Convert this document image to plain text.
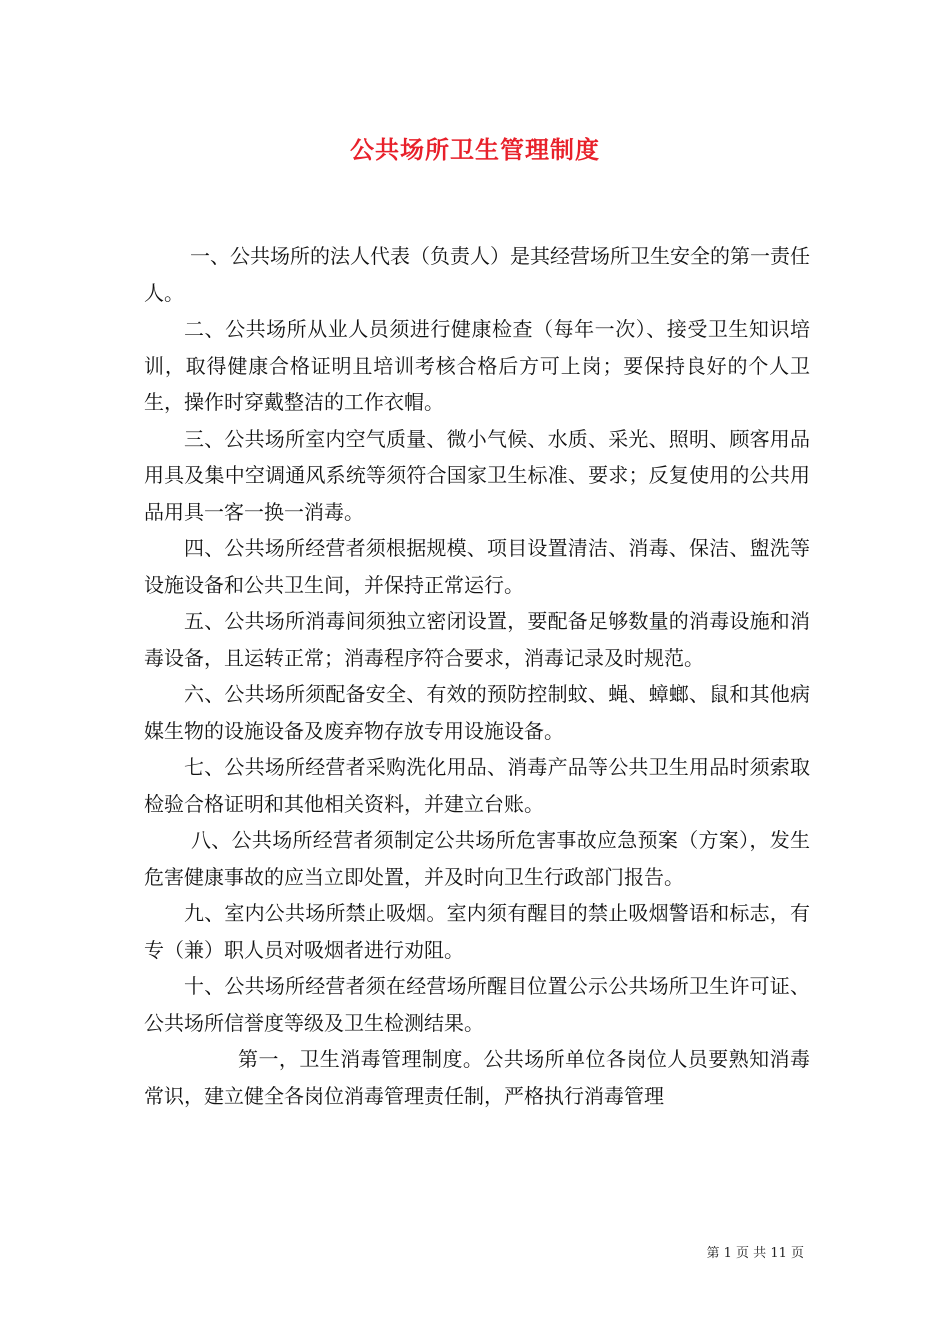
公共场所卫生管理制度

一、公共场所的法人代表（负责人）是其经营场所卫生安全的第一责任人。

二、公共场所从业人员须进行健康检查（每年一次）、接受卫生知识培训，取得健康合格证明且培训考核合格后方可上岗；要保持良好的个人卫生，操作时穿戴整洁的工作衣帽。

三、公共场所室内空气质量、微小气候、水质、采光、照明、顾客用品用具及集中空调通风系统等须符合国家卫生标准、要求；反复使用的公共用品用具一客一换一消毒。

四、公共场所经营者须根据规模、项目设置清洁、消毒、保洁、盥洗等设施设备和公共卫生间，并保持正常运行。

五、公共场所消毒间须独立密闭设置，要配备足够数量的消毒设施和消毒设备，且运转正常；消毒程序符合要求，消毒记录及时规范。

六、公共场所须配备安全、有效的预防控制蚊、蝇、蟑螂、鼠和其他病媒生物的设施设备及废弃物存放专用设施设备。

七、公共场所经营者采购洗化用品、消毒产品等公共卫生用品时须索取检验合格证明和其他相关资料，并建立台账。

八、公共场所经营者须制定公共场所危害事故应急预案（方案），发生危害健康事故的应当立即处置，并及时向卫生行政部门报告。

九、室内公共场所禁止吸烟。室内须有醒目的禁止吸烟警语和标志，有专（兼）职人员对吸烟者进行劝阻。

十、公共场所经营者须在经营场所醒目位置公示公共场所卫生许可证、公共场所信誉度等级及卫生检测结果。

第一，卫生消毒管理制度。公共场所单位各岗位人员要熟知消毒常识，建立健全各岗位消毒管理责任制，严格执行消毒管理

第 1 页 共 11 页
